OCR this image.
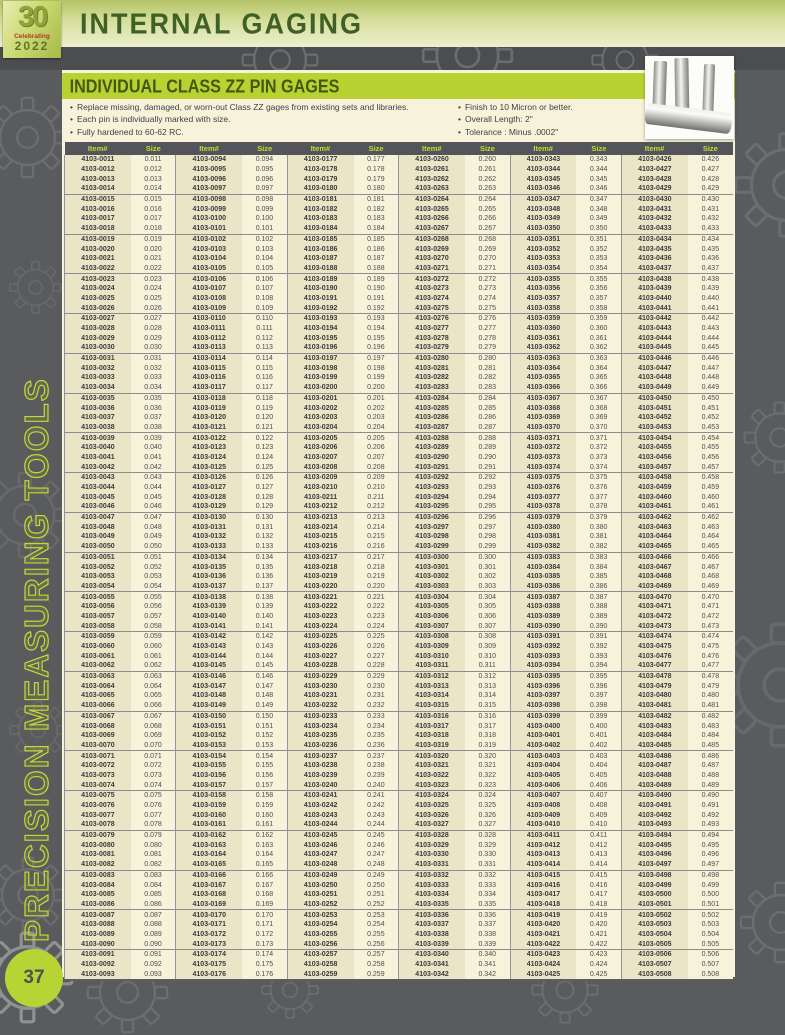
INTERNAL GAGING
30
Celebrating
2022
PRECISION MEASURING TOOLS
INDIVIDUAL CLASS ZZ PIN GAGES
• Replace missing, damaged, or worn-out Class ZZ gages from existing sets and libraries.
• Each pin is individually marked with size.
• Fully hardened to 60-62 RC.
• Finish to 10 Micron or better.
• Overall Length: 2"
• Tolerance : Minus .0002"
Item#	Size	Item#	Size	Item#	Size	Item#	Size	Item#	Size	Item#	Size
4103-0011	0.011	4103-0094	0.094	4103-0177	0.177	4103-0260	0.260	4103-0343	0.343	4103-0426	0.426
4103-0012	0.012	4103-0095	0.095	4103-0178	0.178	4103-0261	0.261	4103-0344	0.344	4103-0427	0.427
4103-0013	0.013	4103-0096	0.096	4103-0179	0.179	4103-0262	0.262	4103-0345	0.345	4103-0428	0.428
4103-0014	0.014	4103-0097	0.097	4103-0180	0.180	4103-0263	0.263	4103-0346	0.346	4103-0429	0.429
4103-0015	0.015	4103-0098	0.098	4103-0181	0.181	4103-0264	0.264	4103-0347	0.347	4103-0430	0.430
4103-0016	0.016	4103-0099	0.099	4103-0182	0.182	4103-0265	0.265	4103-0348	0.348	4103-0431	0.431
4103-0017	0.017	4103-0100	0.100	4103-0183	0.183	4103-0266	0.266	4103-0349	0.349	4103-0432	0.432
4103-0018	0.018	4103-0101	0.101	4103-0184	0.184	4103-0267	0.267	4103-0350	0.350	4103-0433	0.433
4103-0019	0.019	4103-0102	0.102	4103-0185	0.185	4103-0268	0.268	4103-0351	0.351	4103-0434	0.434
4103-0020	0.020	4103-0103	0.103	4103-0186	0.186	4103-0269	0.269	4103-0352	0.352	4103-0435	0.435
4103-0021	0.021	4103-0104	0.104	4103-0187	0.187	4103-0270	0.270	4103-0353	0.353	4103-0436	0.436
4103-0022	0.022	4103-0105	0.105	4103-0188	0.188	4103-0271	0.271	4103-0354	0.354	4103-0437	0.437
4103-0023	0.023	4103-0106	0.106	4103-0189	0.189	4103-0272	0.272	4103-0355	0.355	4103-0438	0.438
4103-0024	0.024	4103-0107	0.107	4103-0190	0.190	4103-0273	0.273	4103-0356	0.356	4103-0439	0.439
4103-0025	0.025	4103-0108	0.108	4103-0191	0.191	4103-0274	0.274	4103-0357	0.357	4103-0440	0.440
4103-0026	0.026	4103-0109	0.109	4103-0192	0.192	4103-0275	0.275	4103-0358	0.358	4103-0441	0.441
4103-0027	0.027	4103-0110	0.110	4103-0193	0.193	4103-0276	0.276	4103-0359	0.359	4103-0442	0.442
4103-0028	0.028	4103-0111	0.111	4103-0194	0.194	4103-0277	0.277	4103-0360	0.360	4103-0443	0.443
4103-0029	0.029	4103-0112	0.112	4103-0195	0.195	4103-0278	0.278	4103-0361	0.361	4103-0444	0.444
4103-0030	0.030	4103-0113	0.113	4103-0196	0.196	4103-0279	0.279	4103-0362	0.362	4103-0445	0.445
4103-0031	0.031	4103-0114	0.114	4103-0197	0.197	4103-0280	0.280	4103-0363	0.363	4103-0446	0.446
4103-0032	0.032	4103-0115	0.115	4103-0198	0.198	4103-0281	0.281	4103-0364	0.364	4103-0447	0.447
4103-0033	0.033	4103-0116	0.116	4103-0199	0.199	4103-0282	0.282	4103-0365	0.365	4103-0448	0.448
4103-0034	0.034	4103-0117	0.117	4103-0200	0.200	4103-0283	0.283	4103-0366	0.366	4103-0449	0.449
4103-0035	0.035	4103-0118	0.118	4103-0201	0.201	4103-0284	0.284	4103-0367	0.367	4103-0450	0.450
4103-0036	0.036	4103-0119	0.119	4103-0202	0.202	4103-0285	0.285	4103-0368	0.368	4103-0451	0.451
4103-0037	0.037	4103-0120	0.120	4103-0203	0.203	4103-0286	0.286	4103-0369	0.369	4103-0452	0.452
4103-0038	0.038	4103-0121	0.121	4103-0204	0.204	4103-0287	0.287	4103-0370	0.370	4103-0453	0.453
4103-0039	0.039	4103-0122	0.122	4103-0205	0.205	4103-0288	0.288	4103-0371	0.371	4103-0454	0.454
4103-0040	0.040	4103-0123	0.123	4103-0206	0.206	4103-0289	0.289	4103-0372	0.372	4103-0455	0.455
4103-0041	0.041	4103-0124	0.124	4103-0207	0.207	4103-0290	0.290	4103-0373	0.373	4103-0456	0.456
4103-0042	0.042	4103-0125	0.125	4103-0208	0.208	4103-0291	0.291	4103-0374	0.374	4103-0457	0.457
4103-0043	0.043	4103-0126	0.126	4103-0209	0.209	4103-0292	0.292	4103-0375	0.375	4103-0458	0.458
4103-0044	0.044	4103-0127	0.127	4103-0210	0.210	4103-0293	0.293	4103-0376	0.376	4103-0459	0.459
4103-0045	0.045	4103-0128	0.128	4103-0211	0.211	4103-0294	0.294	4103-0377	0.377	4103-0460	0.460
4103-0046	0.046	4103-0129	0.129	4103-0212	0.212	4103-0295	0.295	4103-0378	0.378	4103-0461	0.461
4103-0047	0.047	4103-0130	0.130	4103-0213	0.213	4103-0296	0.296	4103-0379	0.379	4103-0462	0.462
4103-0048	0.048	4103-0131	0.131	4103-0214	0.214	4103-0297	0.297	4103-0380	0.380	4103-0463	0.463
4103-0049	0.049	4103-0132	0.132	4103-0215	0.215	4103-0298	0.298	4103-0381	0.381	4103-0464	0.464
4103-0050	0.050	4103-0133	0.133	4103-0216	0.216	4103-0299	0.299	4103-0382	0.382	4103-0465	0.465
4103-0051	0.051	4103-0134	0.134	4103-0217	0.217	4103-0300	0.300	4103-0383	0.383	4103-0466	0.466
4103-0052	0.052	4103-0135	0.135	4103-0218	0.218	4103-0301	0.301	4103-0384	0.384	4103-0467	0.467
4103-0053	0.053	4103-0136	0.136	4103-0219	0.219	4103-0302	0.302	4103-0385	0.385	4103-0468	0.468
4103-0054	0.054	4103-0137	0.137	4103-0220	0.220	4103-0303	0.303	4103-0386	0.386	4103-0469	0.469
4103-0055	0.055	4103-0138	0.138	4103-0221	0.221	4103-0304	0.304	4103-0387	0.387	4103-0470	0.470
4103-0056	0.056	4103-0139	0.139	4103-0222	0.222	4103-0305	0.305	4103-0388	0.388	4103-0471	0.471
4103-0057	0.057	4103-0140	0.140	4103-0223	0.223	4103-0306	0.306	4103-0389	0.389	4103-0472	0.472
4103-0058	0.058	4103-0141	0.141	4103-0224	0.224	4103-0307	0.307	4103-0390	0.390	4103-0473	0.473
4103-0059	0.059	4103-0142	0.142	4103-0225	0.225	4103-0308	0.308	4103-0391	0.391	4103-0474	0.474
4103-0060	0.060	4103-0143	0.143	4103-0226	0.226	4103-0309	0.309	4103-0392	0.392	4103-0475	0.475
4103-0061	0.061	4103-0144	0.144	4103-0227	0.227	4103-0310	0.310	4103-0393	0.393	4103-0476	0.476
4103-0062	0.062	4103-0145	0.145	4103-0228	0.228	4103-0311	0.311	4103-0394	0.394	4103-0477	0.477
4103-0063	0.063	4103-0146	0.146	4103-0229	0.229	4103-0312	0.312	4103-0395	0.395	4103-0478	0.478
4103-0064	0.064	4103-0147	0.147	4103-0230	0.230	4103-0313	0.313	4103-0396	0.396	4103-0479	0.479
4103-0065	0.065	4103-0148	0.148	4103-0231	0.231	4103-0314	0.314	4103-0397	0.397	4103-0480	0.480
4103-0066	0.066	4103-0149	0.149	4103-0232	0.232	4103-0315	0.315	4103-0398	0.398	4103-0481	0.481
4103-0067	0.067	4103-0150	0.150	4103-0233	0.233	4103-0316	0.316	4103-0399	0.399	4103-0482	0.482
4103-0068	0.068	4103-0151	0.151	4103-0234	0.234	4103-0317	0.317	4103-0400	0.400	4103-0483	0.483
4103-0069	0.069	4103-0152	0.152	4103-0235	0.235	4103-0318	0.318	4103-0401	0.401	4103-0484	0.484
4103-0070	0.070	4103-0153	0.153	4103-0236	0.236	4103-0319	0.319	4103-0402	0.402	4103-0485	0.485
4103-0071	0.071	4103-0154	0.154	4103-0237	0.237	4103-0320	0.320	4103-0403	0.403	4103-0486	0.486
4103-0072	0.072	4103-0155	0.155	4103-0238	0.238	4103-0321	0.321	4103-0404	0.404	4103-0487	0.487
4103-0073	0.073	4103-0156	0.156	4103-0239	0.239	4103-0322	0.322	4103-0405	0.405	4103-0488	0.488
4103-0074	0.074	4103-0157	0.157	4103-0240	0.240	4103-0323	0.323	4103-0406	0.406	4103-0489	0.489
4103-0075	0.075	4103-0158	0.158	4103-0241	0.241	4103-0324	0.324	4103-0407	0.407	4103-0490	0.490
4103-0076	0.076	4103-0159	0.159	4103-0242	0.242	4103-0325	0.325	4103-0408	0.408	4103-0491	0.491
4103-0077	0.077	4103-0160	0.160	4103-0243	0.243	4103-0326	0.326	4103-0409	0.409	4103-0492	0.492
4103-0078	0.078	4103-0161	0.161	4103-0244	0.244	4103-0327	0.327	4103-0410	0.410	4103-0493	0.493
4103-0079	0.079	4103-0162	0.162	4103-0245	0.245	4103-0328	0.328	4103-0411	0.411	4103-0494	0.494
4103-0080	0.080	4103-0163	0.163	4103-0246	0.246	4103-0329	0.329	4103-0412	0.412	4103-0495	0.495
4103-0081	0.081	4103-0164	0.164	4103-0247	0.247	4103-0330	0.330	4103-0413	0.413	4103-0496	0.496
4103-0082	0.082	4103-0165	0.165	4103-0248	0.248	4103-0331	0.331	4103-0414	0.414	4103-0497	0.497
4103-0083	0.083	4103-0166	0.166	4103-0249	0.249	4103-0332	0.332	4103-0415	0.415	4103-0498	0.498
4103-0084	0.084	4103-0167	0.167	4103-0250	0.250	4103-0333	0.333	4103-0416	0.416	4103-0499	0.499
4103-0085	0.085	4103-0168	0.168	4103-0251	0.251	4103-0334	0.334	4103-0417	0.417	4103-0500	0.500
4103-0086	0.086	4103-0169	0.169	4103-0252	0.252	4103-0335	0.335	4103-0418	0.418	4103-0501	0.501
4103-0087	0.087	4103-0170	0.170	4103-0253	0.253	4103-0336	0.336	4103-0419	0.419	4103-0502	0.502
4103-0088	0.088	4103-0171	0.171	4103-0254	0.254	4103-0337	0.337	4103-0420	0.420	4103-0503	0.503
4103-0089	0.089	4103-0172	0.172	4103-0255	0.255	4103-0338	0.338	4103-0421	0.421	4103-0504	0.504
4103-0090	0.090	4103-0173	0.173	4103-0256	0.256	4103-0339	0.339	4103-0422	0.422	4103-0505	0.505
4103-0091	0.091	4103-0174	0.174	4103-0257	0.257	4103-0340	0.340	4103-0423	0.423	4103-0506	0.506
4103-0092	0.092	4103-0175	0.175	4103-0258	0.258	4103-0341	0.341	4103-0424	0.424	4103-0507	0.507
4103-0093	0.093	4103-0176	0.176	4103-0259	0.259	4103-0342	0.342	4103-0425	0.425	4103-0508	0.508
37
